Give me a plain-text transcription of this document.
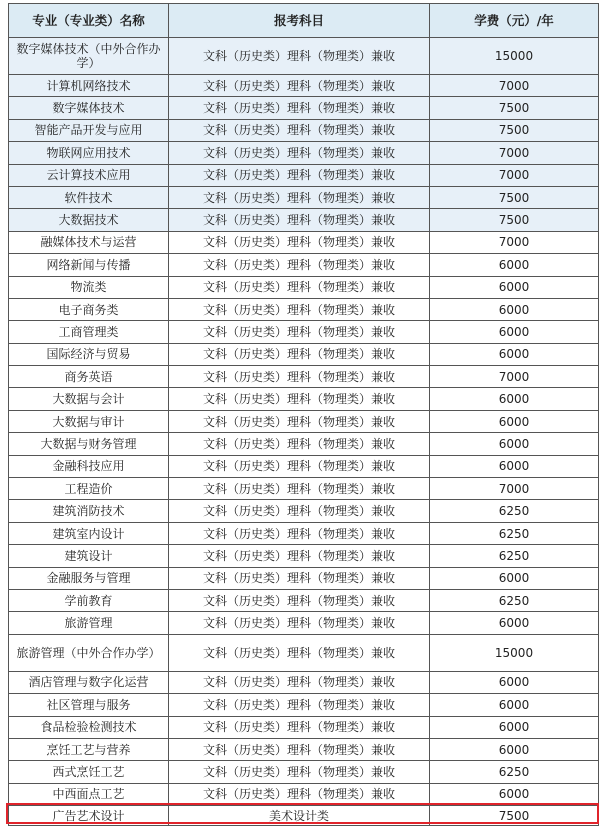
专业（专业类）名称	报考科目	学费（元）/年
数字媒体技术（中外合作办学）	文科（历史类）理科（物理类）兼收	15000
计算机网络技术	文科（历史类）理科（物理类）兼收	7000
数字媒体技术	文科（历史类）理科（物理类）兼收	7500
智能产品开发与应用	文科（历史类）理科（物理类）兼收	7500
物联网应用技术	文科（历史类）理科（物理类）兼收	7000
云计算技术应用	文科（历史类）理科（物理类）兼收	7000
软件技术	文科（历史类）理科（物理类）兼收	7500
大数据技术	文科（历史类）理科（物理类）兼收	7500
融媒体技术与运营	文科（历史类）理科（物理类）兼收	7000
网络新闻与传播	文科（历史类）理科（物理类）兼收	6000
物流类	文科（历史类）理科（物理类）兼收	6000
电子商务类	文科（历史类）理科（物理类）兼收	6000
工商管理类	文科（历史类）理科（物理类）兼收	6000
国际经济与贸易	文科（历史类）理科（物理类）兼收	6000
商务英语	文科（历史类）理科（物理类）兼收	7000
大数据与会计	文科（历史类）理科（物理类）兼收	6000
大数据与审计	文科（历史类）理科（物理类）兼收	6000
大数据与财务管理	文科（历史类）理科（物理类）兼收	6000
金融科技应用	文科（历史类）理科（物理类）兼收	6000
工程造价	文科（历史类）理科（物理类）兼收	7000
建筑消防技术	文科（历史类）理科（物理类）兼收	6250
建筑室内设计	文科（历史类）理科（物理类）兼收	6250
建筑设计	文科（历史类）理科（物理类）兼收	6250
金融服务与管理	文科（历史类）理科（物理类）兼收	6000
学前教育	文科（历史类）理科（物理类）兼收	6250
旅游管理	文科（历史类）理科（物理类）兼收	6000
旅游管理（中外合作办学）	文科（历史类）理科（物理类）兼收	15000
酒店管理与数字化运营	文科（历史类）理科（物理类）兼收	6000
社区管理与服务	文科（历史类）理科（物理类）兼收	6000
食品检验检测技术	文科（历史类）理科（物理类）兼收	6000
烹饪工艺与营养	文科（历史类）理科（物理类）兼收	6000
西式烹饪工艺	文科（历史类）理科（物理类）兼收	6250
中西面点工艺	文科（历史类）理科（物理类）兼收	6000
广告艺术设计	美术设计类	7500
